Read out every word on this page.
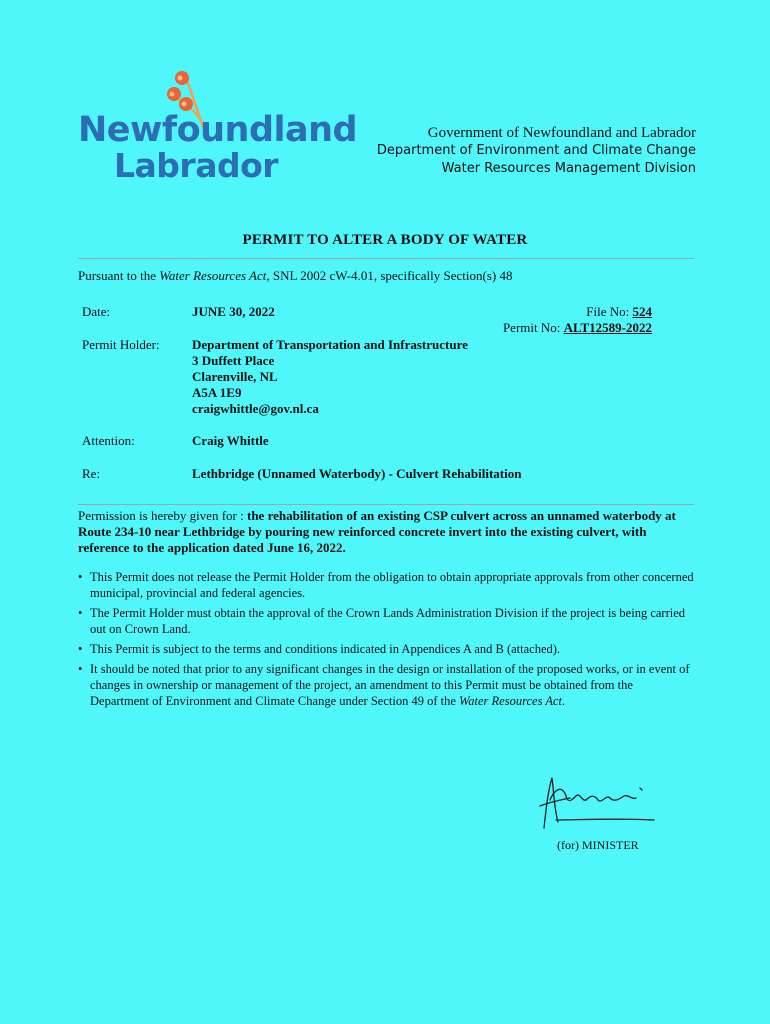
Newfoundland
Labrador
Government of Newfoundland and Labrador
Department of Environment and Climate Change
Water Resources Management Division
PERMIT TO ALTER A BODY OF WATER
Pursuant to the Water Resources Act, SNL 2002 cW-4.01, specifically Section(s) 48
Date:	JUNE 30, 2022	File No: 524
Permit No: ALT12589-2022
Permit Holder: Department of Transportation and Infrastructure
3 Duffett Place
Clarenville, NL
A5A 1E9
craigwhittle@gov.nl.ca
Attention:	Craig Whittle
Re:	Lethbridge (Unnamed Waterbody) - Culvert Rehabilitation
Permission is hereby given for : the rehabilitation of an existing CSP culvert across an unnamed waterbody at Route 234-10 near Lethbridge by pouring new reinforced concrete invert into the existing culvert, with reference to the application dated June 16, 2022.
• This Permit does not release the Permit Holder from the obligation to obtain appropriate approvals from other concerned municipal, provincial and federal agencies.
• The Permit Holder must obtain the approval of the Crown Lands Administration Division if the project is being carried out on Crown Land.
• This Permit is subject to the terms and conditions indicated in Appendices A and B (attached).
• It should be noted that prior to any significant changes in the design or installation of the proposed works, or in event of changes in ownership or management of the project, an amendment to this Permit must be obtained from the Department of Environment and Climate Change under Section 49 of the Water Resources Act.
(for) MINISTER
